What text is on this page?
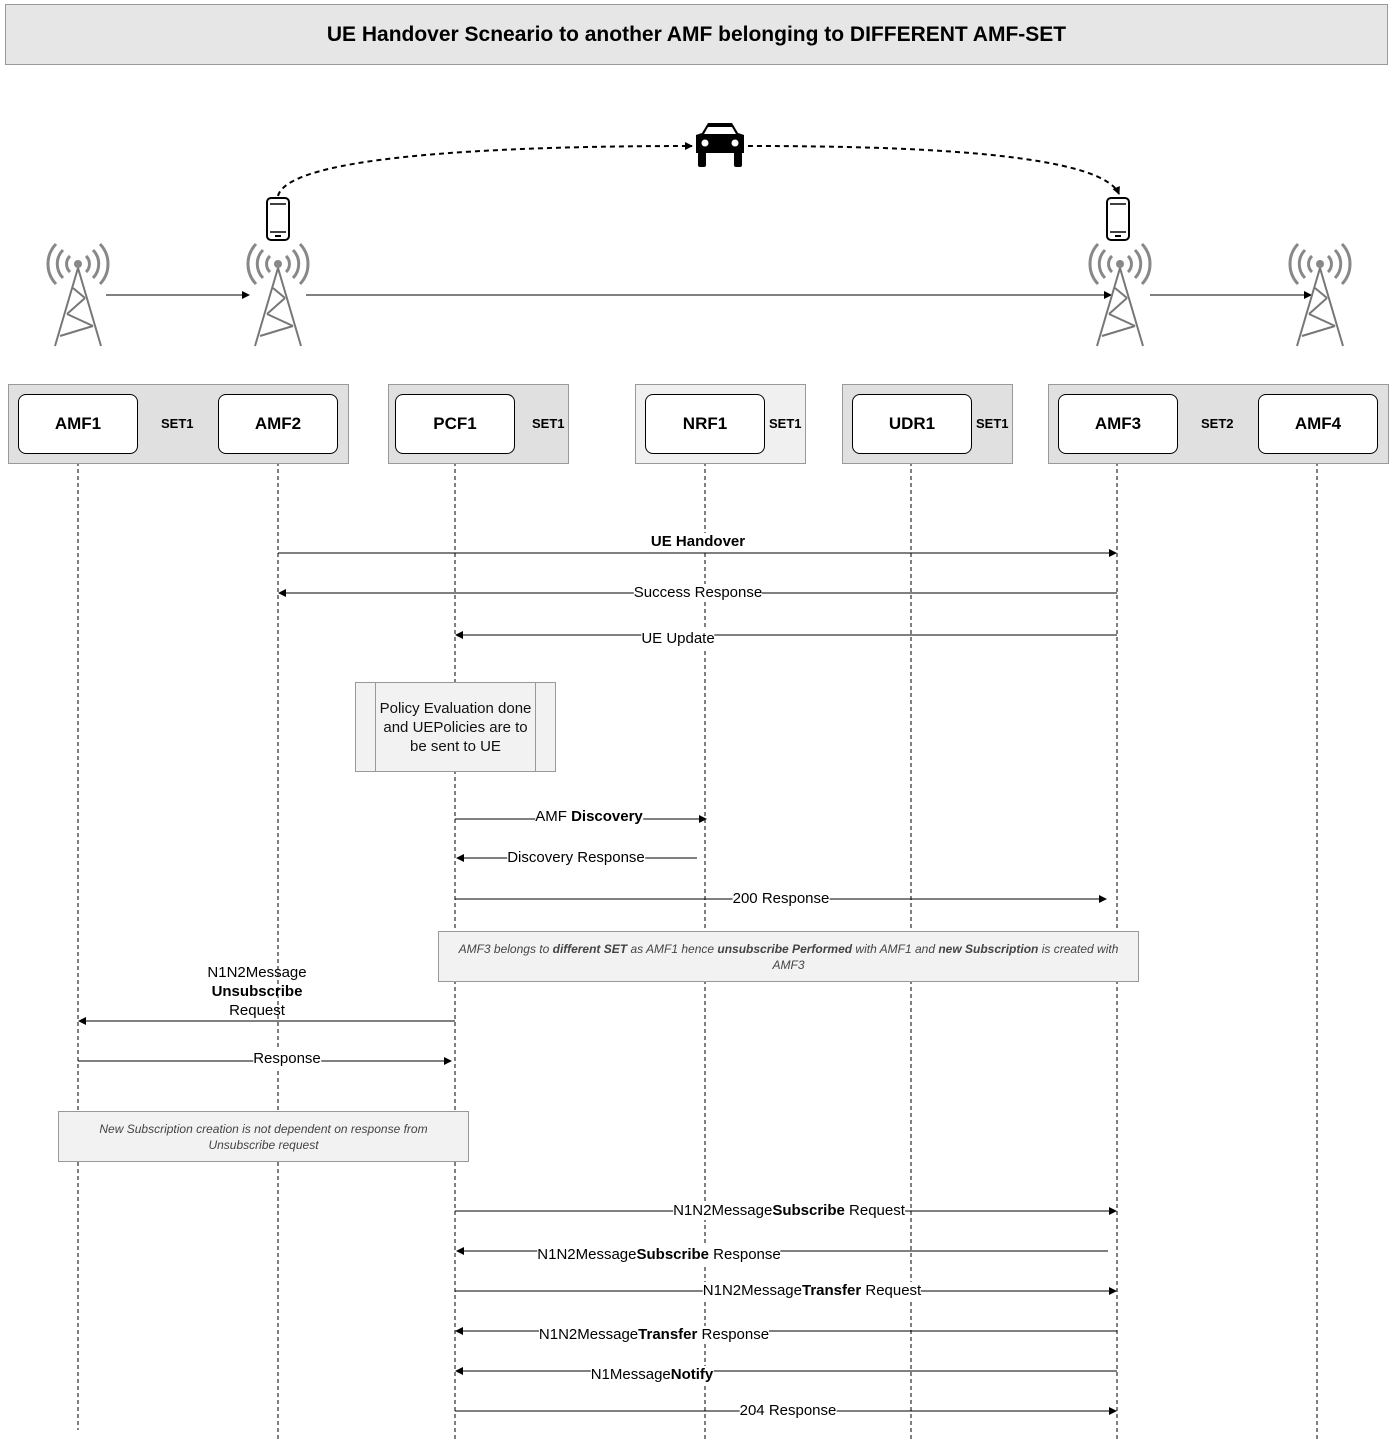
UE Handover Scneario to another AMF belonging to DIFFERENT AMF-SET
AMF1	AMF2	PCF1	NRF1	UDR1	AMF3	AMF4
SET1	SET1	SET1	SET1	SET2
UE Handover
Success Response
UE Update
AMF Discovery
Discovery Response
200 Response
N1N2Message
Unsubscribe
Request
Response
N1N2MessageSubscribe Request
N1N2MessageSubscribe Response
N1N2MessageTransfer Request
N1N2MessageTransfer Response
N1MessageNotify
204 Response
Policy Evaluation done and UEPolicies are to be sent to UE
AMF3 belongs to different SET as AMF1 hence unsubscribe Performed with AMF1 and new Subscription is created with AMF3
New Subscription creation is not dependent on response from Unsubscribe request
